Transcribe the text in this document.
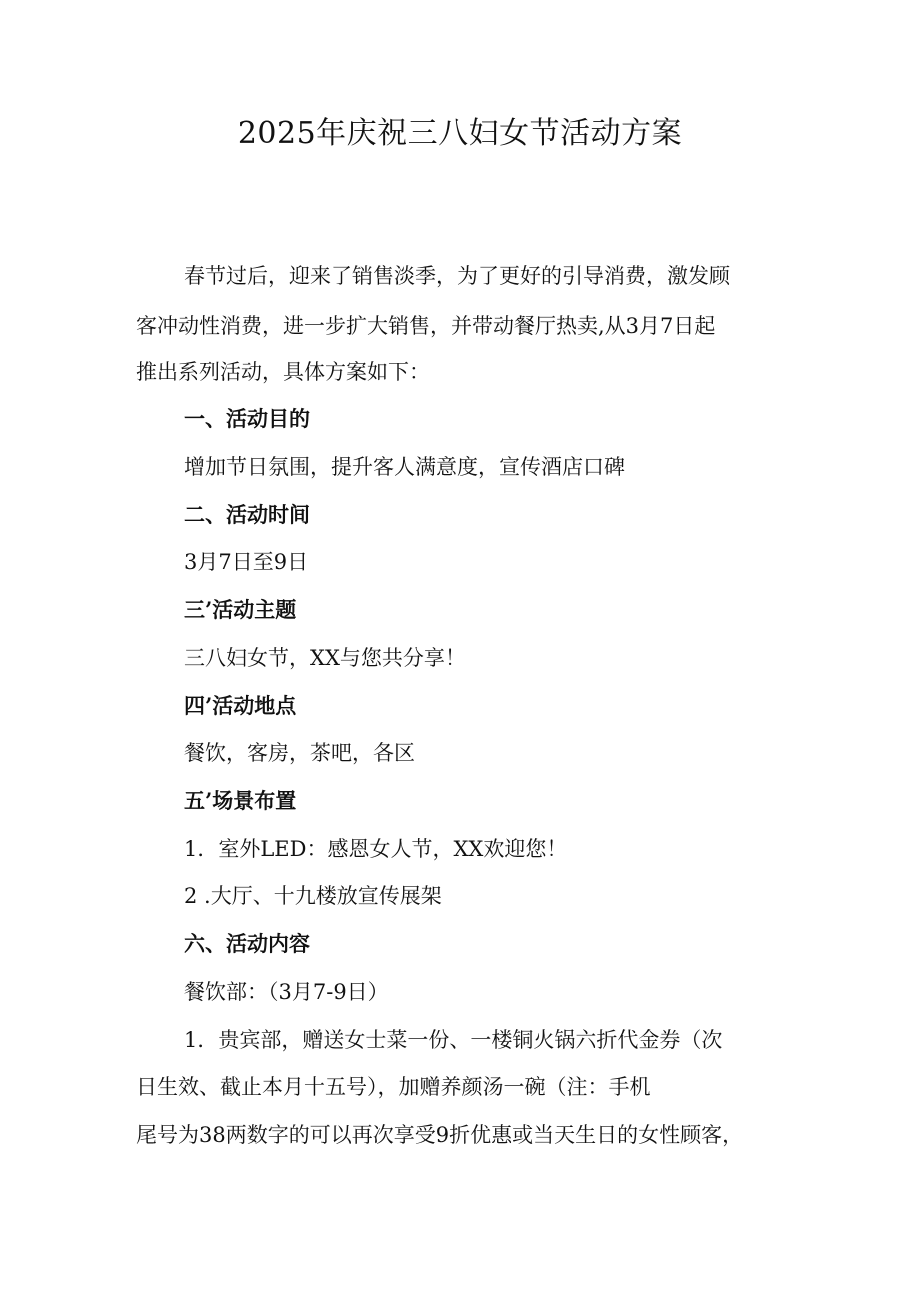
2025年庆祝三八妇女节活动方案

春节过后，迎来了销售淡季，为了更好的引导消费，激发顾

客冲动性消费，进一步扩大销售，并带动餐厅热卖,从3月7日起

推出系列活动，具体方案如下：

一、活动目的

增加节日氛围，提升客人满意度，宣传酒店口碑

二、活动时间

3月7日至9日

三’活动主题

三八妇女节，XX与您共分享！

四’活动地点

餐饮，客房，茶吧，各区

五’场景布置

1．室外LED：感恩女人节，XX欢迎您！

2 .大厅、十九楼放宣传展架

六、活动内容

餐饮部：（3月7-9日）

1．贵宾部，赠送女士菜一份、一楼铜火锅六折代金券（次

日生效、截止本月十五号），加赠养颜汤一碗（注：手机

尾号为38两数字的可以再次享受9折优惠或当天生日的女性顾客，
